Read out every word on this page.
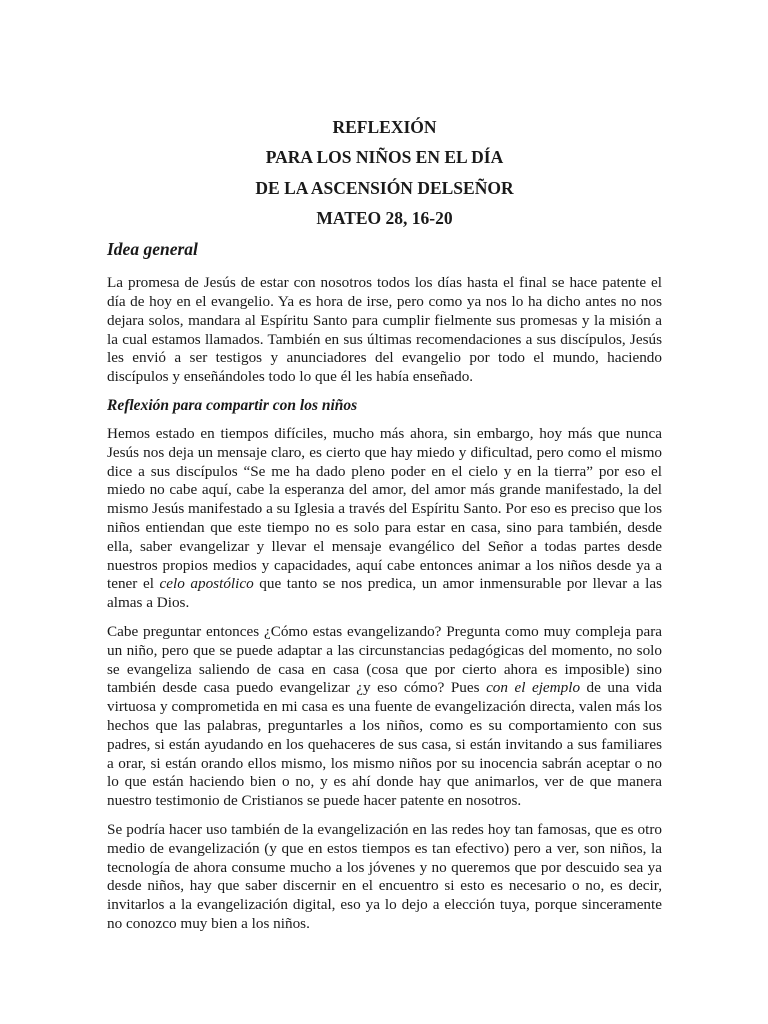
REFLEXIÓN
PARA LOS NIÑOS EN EL DÍA
DE LA ASCENSIÓN DELSEÑOR
MATEO 28, 16-20
Idea general

La promesa de Jesús de estar con nosotros todos los días hasta el final se hace patente el día de hoy en el evangelio. Ya es hora de irse, pero como ya nos lo ha dicho antes no nos dejara solos, mandara al Espíritu Santo para cumplir fielmente sus promesas y la misión a la cual estamos llamados. También en sus últimas recomendaciones a sus discípulos, Jesús les envió a ser testigos y anunciadores del evangelio por todo el mundo, haciendo discípulos y enseñándoles todo lo que él les había enseñado.

Reflexión para compartir con los niños

Hemos estado en tiempos difíciles, mucho más ahora, sin embargo, hoy más que nunca Jesús nos deja un mensaje claro, es cierto que hay miedo y dificultad, pero como el mismo dice a sus discípulos “Se me ha dado pleno poder en el cielo y en la tierra” por eso el miedo no cabe aquí, cabe la esperanza del amor, del amor más grande manifestado, la del mismo Jesús manifestado a su Iglesia a través del Espíritu Santo. Por eso es preciso que los niños entiendan que este tiempo no es solo para estar en casa, sino para también, desde ella, saber evangelizar y llevar el mensaje evangélico del Señor a todas partes desde nuestros propios medios y capacidades, aquí cabe entonces animar a los niños desde ya a tener el celo apostólico que tanto se nos predica, un amor inmensurable por llevar a las almas a Dios.

Cabe preguntar entonces ¿Cómo estas evangelizando? Pregunta como muy compleja para un niño, pero que se puede adaptar a las circunstancias pedagógicas del momento, no solo se evangeliza saliendo de casa en casa (cosa que por cierto ahora es imposible) sino también desde casa puedo evangelizar ¿y eso cómo? Pues con el ejemplo de una vida virtuosa y comprometida en mi casa es una fuente de evangelización directa, valen más los hechos que las palabras, preguntarles a los niños, como es su comportamiento con sus padres, si están ayudando en los quehaceres de sus casa, si están invitando a sus familiares a orar, si están orando ellos mismo, los mismo niños por su inocencia sabrán aceptar o no lo que están haciendo bien o no, y es ahí donde hay que animarlos, ver de que manera nuestro testimonio de Cristianos se puede hacer patente en nosotros.

Se podría hacer uso también de la evangelización en las redes hoy tan famosas, que es otro medio de evangelización (y que en estos tiempos es tan efectivo) pero a ver, son niños, la tecnología de ahora consume mucho a los jóvenes y no queremos que por descuido sea ya desde niños, hay que saber discernir en el encuentro si esto es necesario o no, es decir, invitarlos a la evangelización digital, eso ya lo dejo a elección tuya, porque sinceramente no conozco muy bien a los niños.
